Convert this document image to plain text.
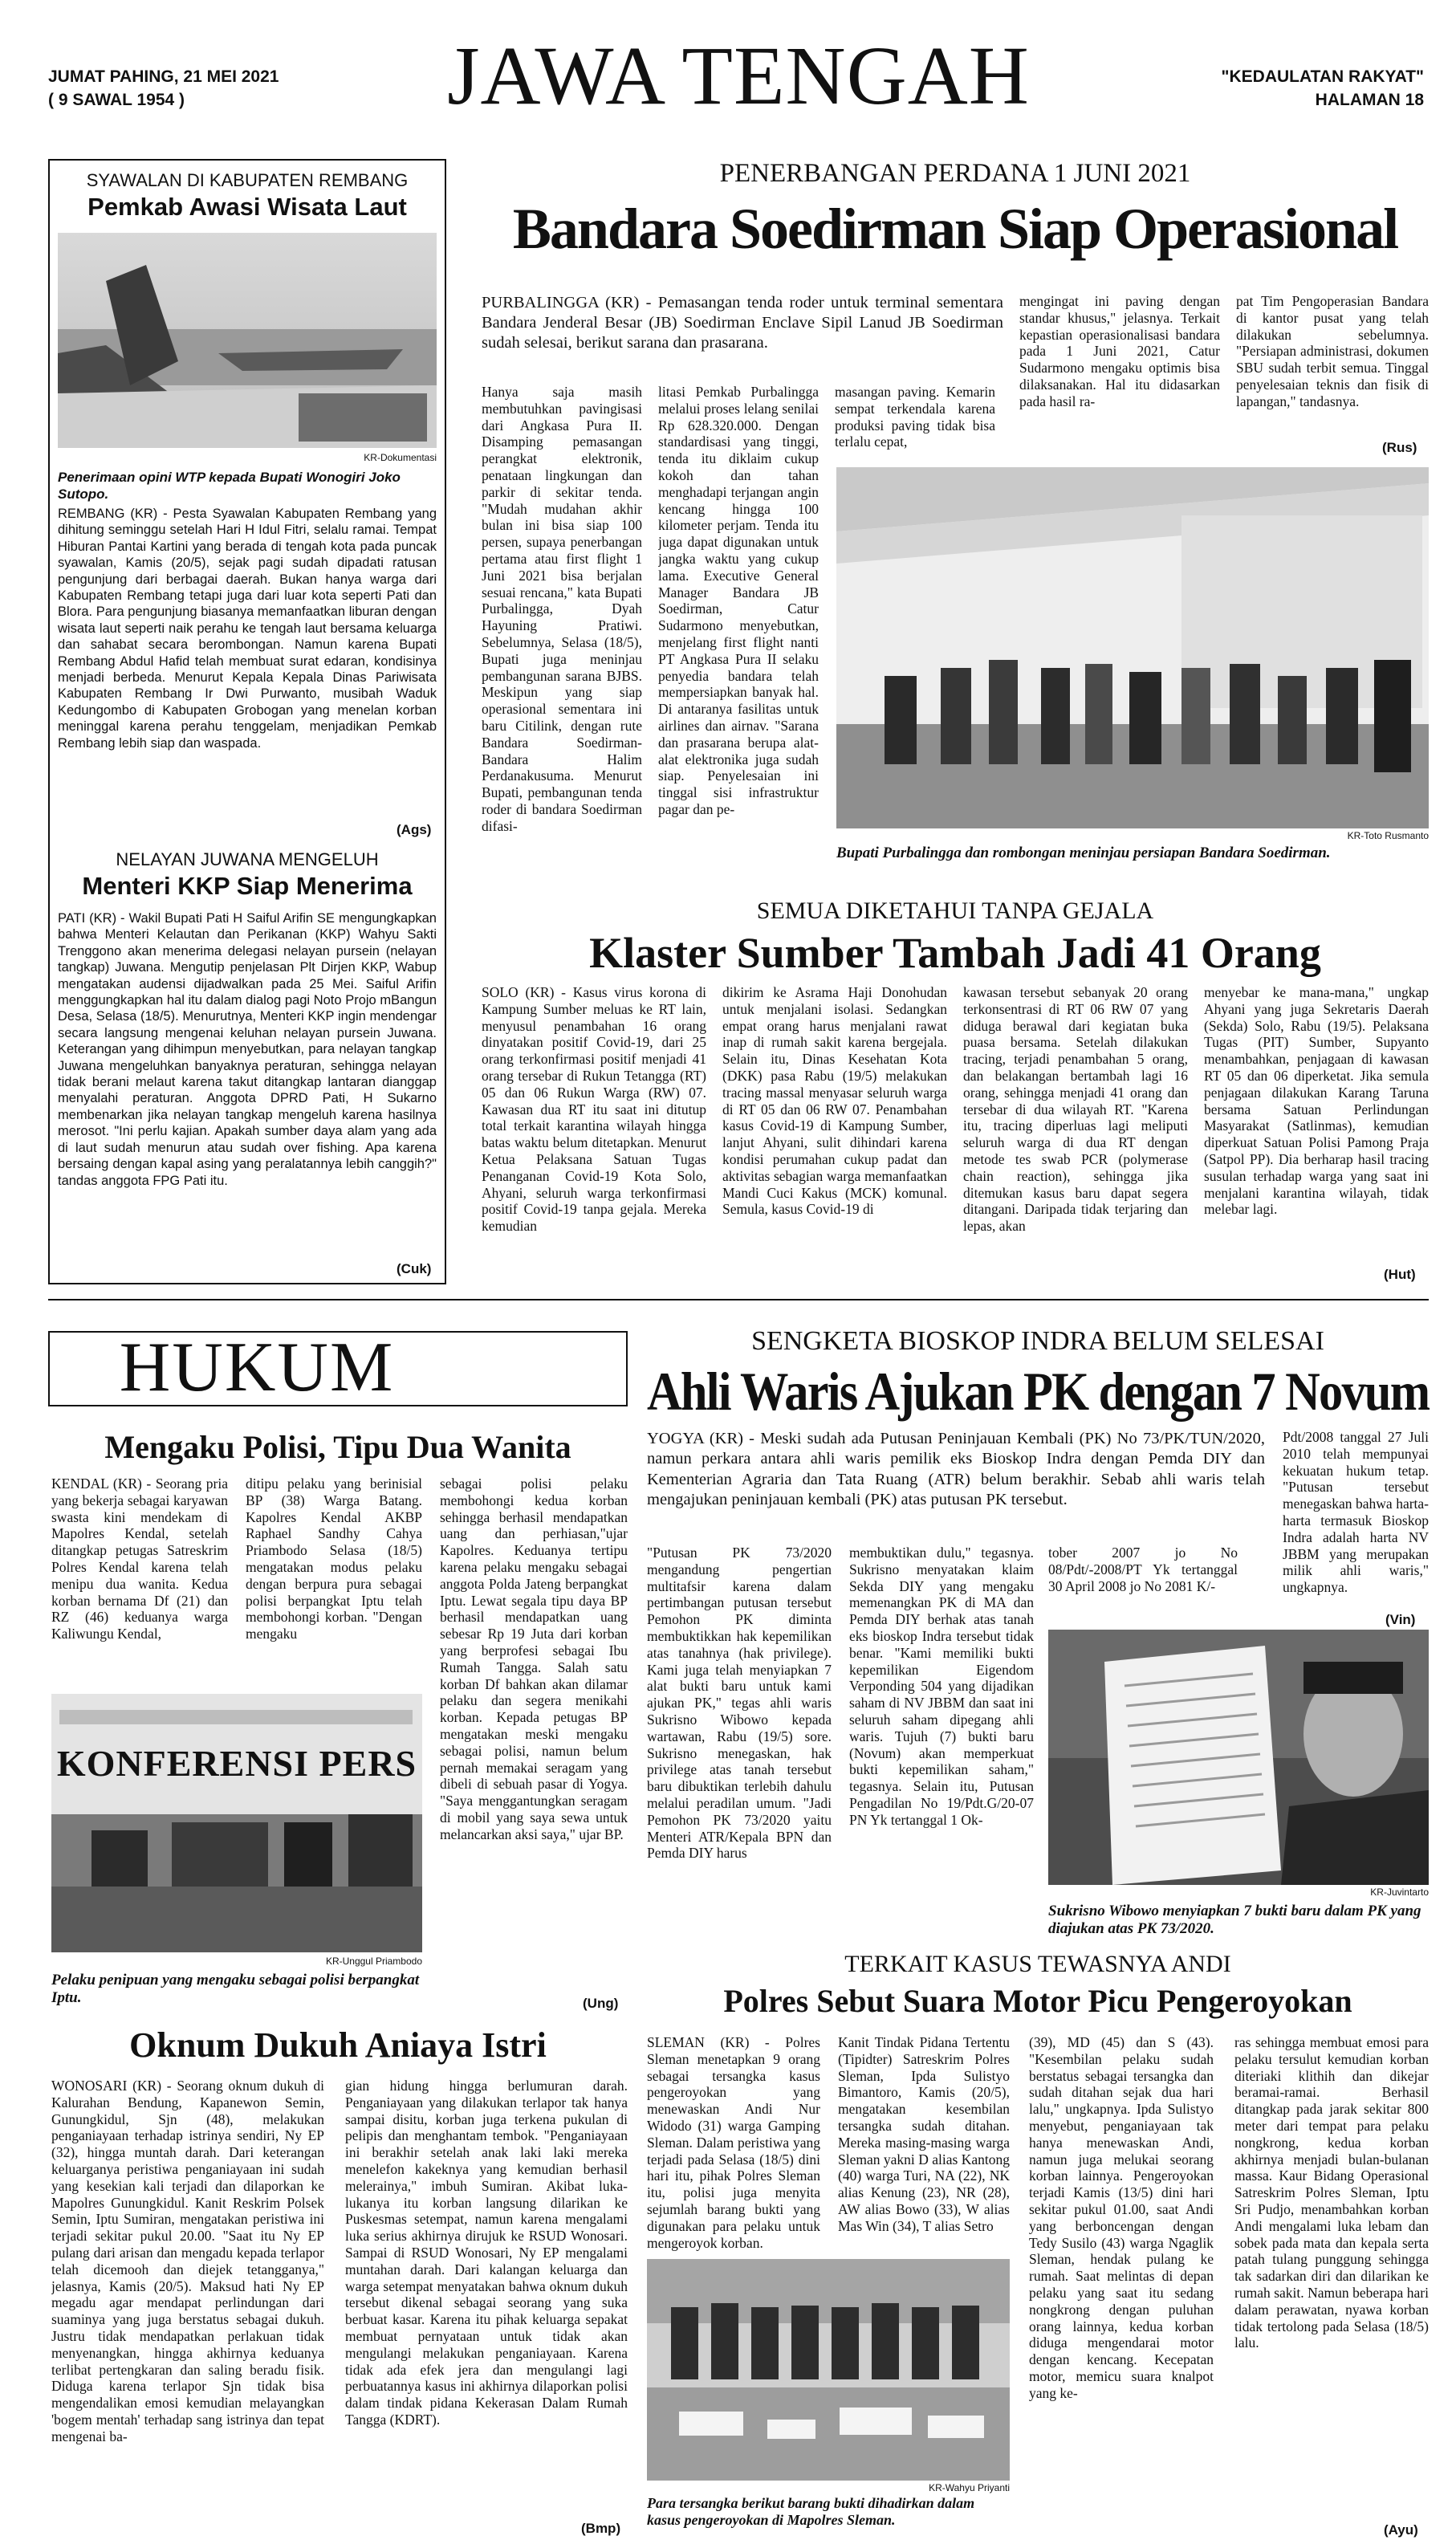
JUMAT PAHING, 21 MEI 2021
( 9 SAWAL 1954 )	JAWA TENGAH	"KEDAULATAN RAKYAT"
HALAMAN 18
SYAWALAN DI KABUPATEN REMBANG
Pemkab Awasi Wisata Laut
KR-Dokumentasi
Penerimaan opini WTP kepada Bupati Wonogiri Joko Sutopo.

REMBANG (KR) - Pesta Syawalan Kabupaten Rembang yang dihitung seminggu setelah Hari H Idul Fitri, selalu ramai. Tempat Hiburan Pantai Kartini yang berada di tengah kota pada puncak syawalan, Kamis (20/5), sejak pagi sudah dipadati ratusan pengunjung dari berbagai daerah. Bukan hanya warga dari Kabupaten Rembang tetapi juga dari luar kota seperti Pati dan Blora. Para pengunjung biasanya memanfaatkan liburan dengan wisata laut seperti naik perahu ke tengah laut bersama keluarga dan sahabat secara berombongan. Namun karena Bupati Rembang Abdul Hafid telah membuat surat edaran, kondisinya menjadi berbeda. Menurut Kepala Kepala Dinas Pariwisata Kabupaten Rembang Ir Dwi Purwanto, musibah Waduk Kedungombo di Kabupaten Grobogan yang menelan korban meninggal karena perahu tenggelam, menjadikan Pemkab Rembang lebih siap dan waspada.

(Ags)
NELAYAN JUWANA MENGELUH
Menteri KKP Siap Menerima

PATI (KR) - Wakil Bupati Pati H Saiful Arifin SE mengungkapkan bahwa Menteri Kelautan dan Perikanan (KKP) Wahyu Sakti Trenggono akan menerima delegasi nelayan pursein (nelayan tangkap) Juwana. Mengutip penjelasan Plt Dirjen KKP, Wabup mengatakan audensi dijadwalkan pada 25 Mei. Saiful Arifin menggungkapkan hal itu dalam dialog pagi Noto Projo mBangun Desa, Selasa (18/5). Menurutnya, Menteri KKP ingin mendengar secara langsung mengenai keluhan nelayan pursein Juwana. Keterangan yang dihimpun menyebutkan, para nelayan tangkap Juwana mengeluhkan banyaknya peraturan, sehingga nelayan tidak berani melaut karena takut ditangkap lantaran dianggap menyalahi peraturan. Anggota DPRD Pati, H Sukarno membenarkan jika nelayan tangkap mengeluh karena hasilnya merosot. "Ini perlu kajian. Apakah sumber daya alam yang ada di laut sudah menurun atau sudah over fishing. Apa karena bersaing dengan kapal asing yang peralatannya lebih canggih?" tandas anggota FPG Pati itu.

(Cuk)
PENERBANGAN PERDANA 1 JUNI 2021
Bandara Soedirman Siap Operasional

PURBALINGGA (KR) - Pemasangan tenda roder untuk terminal sementara Bandara Jenderal Besar (JB) Soedirman Enclave Sipil Lanud JB Soedirman sudah selesai, berikut sarana dan prasarana.

Hanya saja masih membutuhkan pavingisasi dari Angkasa Pura II. Disamping pemasangan perangkat elektronik, penataan lingkungan dan parkir di sekitar tenda. "Mudah mudahan akhir bulan ini bisa siap 100 persen, supaya penerbangan pertama atau first flight 1 Juni 2021 bisa berjalan sesuai rencana," kata Bupati Purbalingga, Dyah Hayuning Pratiwi. Sebelumnya, Selasa (18/5), Bupati juga meninjau pembangunan sarana BJBS. Meskipun yang siap operasional sementara ini baru Citilink, dengan rute Bandara Soedirman-Bandara Halim Perdanakusuma. Menurut Bupati, pembangunan tenda roder di bandara Soedirman difasi-

litasi Pemkab Purbalingga melalui proses lelang senilai Rp 628.320.000. Dengan standardisasi yang tinggi, tenda itu diklaim cukup kokoh dan tahan menghadapi terjangan angin kencang hingga 100 kilometer perjam. Tenda itu juga dapat digunakan untuk jangka waktu yang cukup lama. Executive General Manager Bandara JB Soedirman, Catur Sudarmono menyebutkan, menjelang first flight nanti PT Angkasa Pura II selaku penyedia bandara telah mempersiapkan banyak hal. Di antaranya fasilitas untuk airlines dan airnav. "Sarana dan prasarana berupa alat-alat elektronika juga sudah siap. Penyelesaian ini tinggal sisi infrastruktur pagar dan pe-

masangan paving. Kemarin sempat terkendala karena produksi paving tidak bisa terlalu cepat,

mengingat ini paving dengan standar khusus," jelasnya. Terkait kepastian operasionalisasi bandara pada 1 Juni 2021, Catur Sudarmono mengaku optimis bisa dilaksanakan. Hal itu didasarkan pada hasil ra-

pat Tim Pengoperasian Bandara di kantor pusat yang telah dilakukan sebelumnya. "Persiapan administrasi, dokumen SBU sudah terbit semua. Tinggal penyelesaian teknis dan fisik di lapangan," tandasnya.

(Rus)
KR-Toto Rusmanto
Bupati Purbalingga dan rombongan meninjau persiapan Bandara Soedirman.
SEMUA DIKETAHUI TANPA GEJALA
Klaster Sumber Tambah Jadi 41 Orang

SOLO (KR) - Kasus virus korona di Kampung Sumber meluas ke RT lain, menyusul penambahan 16 orang dinyatakan positif Covid-19, dari 25 orang terkonfirmasi positif menjadi 41 orang tersebar di Rukun Tetangga (RT) 05 dan 06 Rukun Warga (RW) 07. Kawasan dua RT itu saat ini ditutup total terkait karantina wilayah hingga batas waktu belum ditetapkan. Menurut Ketua Pelaksana Satuan Tugas Penanganan Covid-19 Kota Solo, Ahyani, seluruh warga terkonfirmasi positif Covid-19 tanpa gejala. Mereka kemudian

dikirim ke Asrama Haji Donohudan untuk menjalani isolasi. Sedangkan empat orang harus menjalani rawat inap di rumah sakit karena bergejala. Selain itu, Dinas Kesehatan Kota (DKK) pasa Rabu (19/5) melakukan tracing massal menyasar seluruh warga di RT 05 dan 06 RW 07. Penambahan kasus Covid-19 di Kampung Sumber, lanjut Ahyani, sulit dihindari karena kondisi perumahan cukup padat dan aktivitas sebagian warga memanfaatkan Mandi Cuci Kakus (MCK) komunal. Semula, kasus Covid-19 di

kawasan tersebut sebanyak 20 orang terkonsentrasi di RT 06 RW 07 yang diduga berawal dari kegiatan buka puasa bersama. Setelah dilakukan tracing, terjadi penambahan 5 orang, dan belakangan bertambah lagi 16 orang, sehingga menjadi 41 orang dan tersebar di dua wilayah RT. "Karena itu, tracing diperluas lagi meliputi seluruh warga di dua RT dengan metode tes swab PCR (polymerase chain reaction), sehingga jika ditemukan kasus baru dapat segera ditangani. Daripada tidak terjaring dan lepas, akan

menyebar ke mana-mana," ungkap Ahyani yang juga Sekretaris Daerah (Sekda) Solo, Rabu (19/5). Pelaksana Tugas (PIT) Sumber, Supyanto menambahkan, penjagaan di kawasan RT 05 dan 06 diperketat. Jika semula penjagaan dilakukan Karang Taruna bersama Satuan Perlindungan Masyarakat (Satlinmas), kemudian diperkuat Satuan Polisi Pamong Praja (Satpol PP). Dia berharap hasil tracing susulan terhadap warga yang saat ini menjalani karantina wilayah, tidak melebar lagi.

(Hut)
HUKUM
Mengaku Polisi, Tipu Dua Wanita

KENDAL (KR) - Seorang pria yang bekerja sebagai karyawan swasta kini mendekam di Mapolres Kendal, setelah ditangkap petugas Satreskrim Polres Kendal karena telah menipu dua wanita. Kedua korban bernama Df (21) dan RZ (46) keduanya warga Kaliwungu Kendal,

ditipu pelaku yang berinisial BP (38) Warga Batang. Kapolres Kendal AKBP Raphael Sandhy Cahya Priambodo Selasa (18/5) mengatakan modus pelaku dengan berpura pura sebagai polisi berpangkat Iptu telah membohongi korban. "Dengan mengaku

sebagai polisi pelaku membohongi kedua korban sehingga berhasil mendapatkan uang dan perhiasan,"ujar Kapolres. Keduanya tertipu karena pelaku mengaku sebagai anggota Polda Jateng berpangkat Iptu. Lewat segala tipu daya BP berhasil mendapatkan uang sebesar Rp 19 Juta dari korban yang berprofesi sebagai Ibu Rumah Tangga. Salah satu korban Df bahkan akan dilamar pelaku dan segera menikahi korban. Kepada petugas BP mengatakan meski mengaku sebagai polisi, namun belum pernah memakai seragam yang dibeli di sebuah pasar di Yogya. "Saya menggantungkan seragam di mobil yang saya sewa untuk melancarkan aksi saya," ujar BP.

(Ung)
KONFERENSI PERS
KR-Unggul Priambodo
Pelaku penipuan yang mengaku sebagai polisi berpangkat Iptu.
Oknum Dukuh Aniaya Istri

WONOSARI (KR) - Seorang oknum dukuh di Kalurahan Bendung, Kapanewon Semin, Gunungkidul, Sjn (48), melakukan penganiayaan terhadap istrinya sendiri, Ny EP (32), hingga muntah darah. Dari keterangan keluarganya peristiwa penganiayaan ini sudah yang kesekian kali terjadi dan dilaporkan ke Mapolres Gunungkidul. Kanit Reskrim Polsek Semin, Iptu Sumiran, mengatakan peristiwa ini terjadi sekitar pukul 20.00. "Saat itu Ny EP pulang dari arisan dan mengadu kepada terlapor telah dicemooh dan diejek tetangganya," jelasnya, Kamis (20/5). Maksud hati Ny EP megadu agar mendapat perlindungan dari suaminya yang juga berstatus sebagai dukuh. Justru tidak mendapatkan perlakuan tidak menyenangkan, hingga akhirnya keduanya terlibat pertengkaran dan saling beradu fisik. Diduga karena terlapor Sjn tidak bisa mengendalikan emosi kemudian melayangkan 'bogem mentah' terhadap sang istrinya dan tepat mengenai ba-

gian hidung hingga berlumuran darah. Penganiayaan yang dilakukan terlapor tak hanya sampai disitu, korban juga terkena pukulan di pelipis dan menghantam tembok. "Penganiayaan ini berakhir setelah anak laki laki mereka menelefon kakeknya yang kemudian berhasil melerainya," imbuh Sumiran. Akibat luka-lukanya itu korban langsung dilarikan ke Puskesmas setempat, namun karena mengalami luka serius akhirnya dirujuk ke RSUD Wonosari. Sampai di RSUD Wonosari, Ny EP mengalami muntahan darah. Dari kalangan keluarga dan warga setempat menyatakan bahwa oknum dukuh tersebut dikenal sebagai seorang yang suka berbuat kasar. Karena itu pihak keluarga sepakat membuat pernyataan untuk tidak akan mengulangi melakukan penganiayaan. Karena tidak ada efek jera dan mengulangi lagi perbuatannya kasus ini akhirnya dilaporkan polisi dalam tindak pidana Kekerasan Dalam Rumah Tangga (KDRT).

(Bmp)
SENGKETA BIOSKOP INDRA BELUM SELESAI
Ahli Waris Ajukan PK dengan 7 Novum

YOGYA (KR) - Meski sudah ada Putusan Peninjauan Kembali (PK) No 73/PK/TUN/2020, namun perkara antara ahli waris pemilik eks Bioskop Indra dengan Pemda DIY dan Kementerian Agraria dan Tata Ruang (ATR) belum berakhir. Sebab ahli waris telah mengajukan peninjauan kembali (PK) atas putusan PK tersebut.

"Putusan PK 73/2020 mengandung pengertian multitafsir karena dalam pertimbangan putusan tersebut Pemohon PK diminta membuktikkan hak kepemilikan atas tanahnya (hak privilege). Kami juga telah menyiapkan 7 alat bukti baru untuk kami ajukan PK," tegas ahli waris Sukrisno Wibowo kepada wartawan, Rabu (19/5) sore. Sukrisno menegaskan, hak privilege atas tanah tersebut baru dibuktikan terlebih dahulu melalui peradilan umum. "Jadi Pemohon PK 73/2020 yaitu Menteri ATR/Kepala BPN dan Pemda DIY harus

membuktikan dulu," tegasnya. Sukrisno menyatakan klaim Sekda DIY yang mengaku memenangkan PK di MA dan Pemda DIY berhak atas tanah eks bioskop Indra tersebut tidak benar. "Kami memiliki bukti kepemilikan Eigendom Verponding 504 yang dijadikan saham di NV JBBM dan saat ini seluruh saham dipegang ahli waris. Tujuh (7) bukti baru (Novum) akan memperkuat bukti kepemilikan saham," tegasnya. Selain itu, Putusan Pengadilan No 19/Pdt.G/20-07 PN Yk tertanggal 1 Ok-

tober 2007 jo No 08/Pdt/-2008/PT Yk tertanggal 30 April 2008 jo No 2081 K/-

Pdt/2008 tanggal 27 Juli 2010 telah mempunyai kekuatan hukum tetap. "Putusan tersebut menegaskan bahwa harta-harta termasuk Bioskop Indra adalah harta NV JBBM yang merupakan milik ahli waris," ungkapnya.

(Vin)
KR-Juvintarto
Sukrisno Wibowo menyiapkan 7 bukti baru dalam PK yang diajukan atas PK 73/2020.
TERKAIT KASUS TEWASNYA ANDI
Polres Sebut Suara Motor Picu Pengeroyokan

SLEMAN (KR) - Polres Sleman menetapkan 9 orang sebagai tersangka kasus pengeroyokan yang menewaskan Andi Nur Widodo (31) warga Gamping Sleman. Dalam peristiwa yang terjadi pada Selasa (18/5) dini hari itu, pihak Polres Sleman itu, polisi juga menyita sejumlah barang bukti yang digunakan para pelaku untuk mengeroyok korban.

Kanit Tindak Pidana Tertentu (Tipidter) Satreskrim Polres Sleman, Ipda Sulistyo Bimantoro, Kamis (20/5), mengatakan kesembilan tersangka sudah ditahan. Mereka masing-masing warga Sleman yakni D alias Kantong (40) warga Turi, NA (22), NK alias Kenung (23), NR (28), AW alias Bowo (33), W alias Mas Win (34), T alias Setro

(39), MD (45) dan S (43). "Kesembilan pelaku sudah berstatus sebagai tersangka dan sudah ditahan sejak dua hari lalu," ungkapnya. Ipda Sulistyo menyebut, penganiayaan tak hanya menewaskan Andi, namun juga melukai seorang korban lainnya. Pengeroyokan terjadi Kamis (13/5) dini hari sekitar pukul 01.00, saat Andi yang berboncengan dengan Tedy Susilo (43) warga Ngaglik Sleman, hendak pulang ke rumah. Saat melintas di depan pelaku yang saat itu sedang nongkrong dengan puluhan orang lainnya, kedua korban diduga mengendarai motor dengan kencang. Kecepatan motor, memicu suara knalpot yang ke-

ras sehingga membuat emosi para pelaku tersulut kemudian korban diteriaki klithih dan dikejar beramai-ramai. Berhasil ditangkap pada jarak sekitar 800 meter dari tempat para pelaku nongkrong, kedua korban akhirnya menjadi bulan-bulanan massa. Kaur Bidang Operasional Satreskrim Polres Sleman, Iptu Sri Pudjo, menambahkan korban Andi mengalami luka lebam dan sobek pada mata dan kepala serta patah tulang punggung sehingga tak sadarkan diri dan dilarikan ke rumah sakit. Namun beberapa hari dalam perawatan, nyawa korban tidak tertolong pada Selasa (18/5) lalu.

(Ayu)
KR-Wahyu Priyanti
Para tersangka berikut barang bukti dihadirkan dalam kasus pengeroyokan di Mapolres Sleman.
